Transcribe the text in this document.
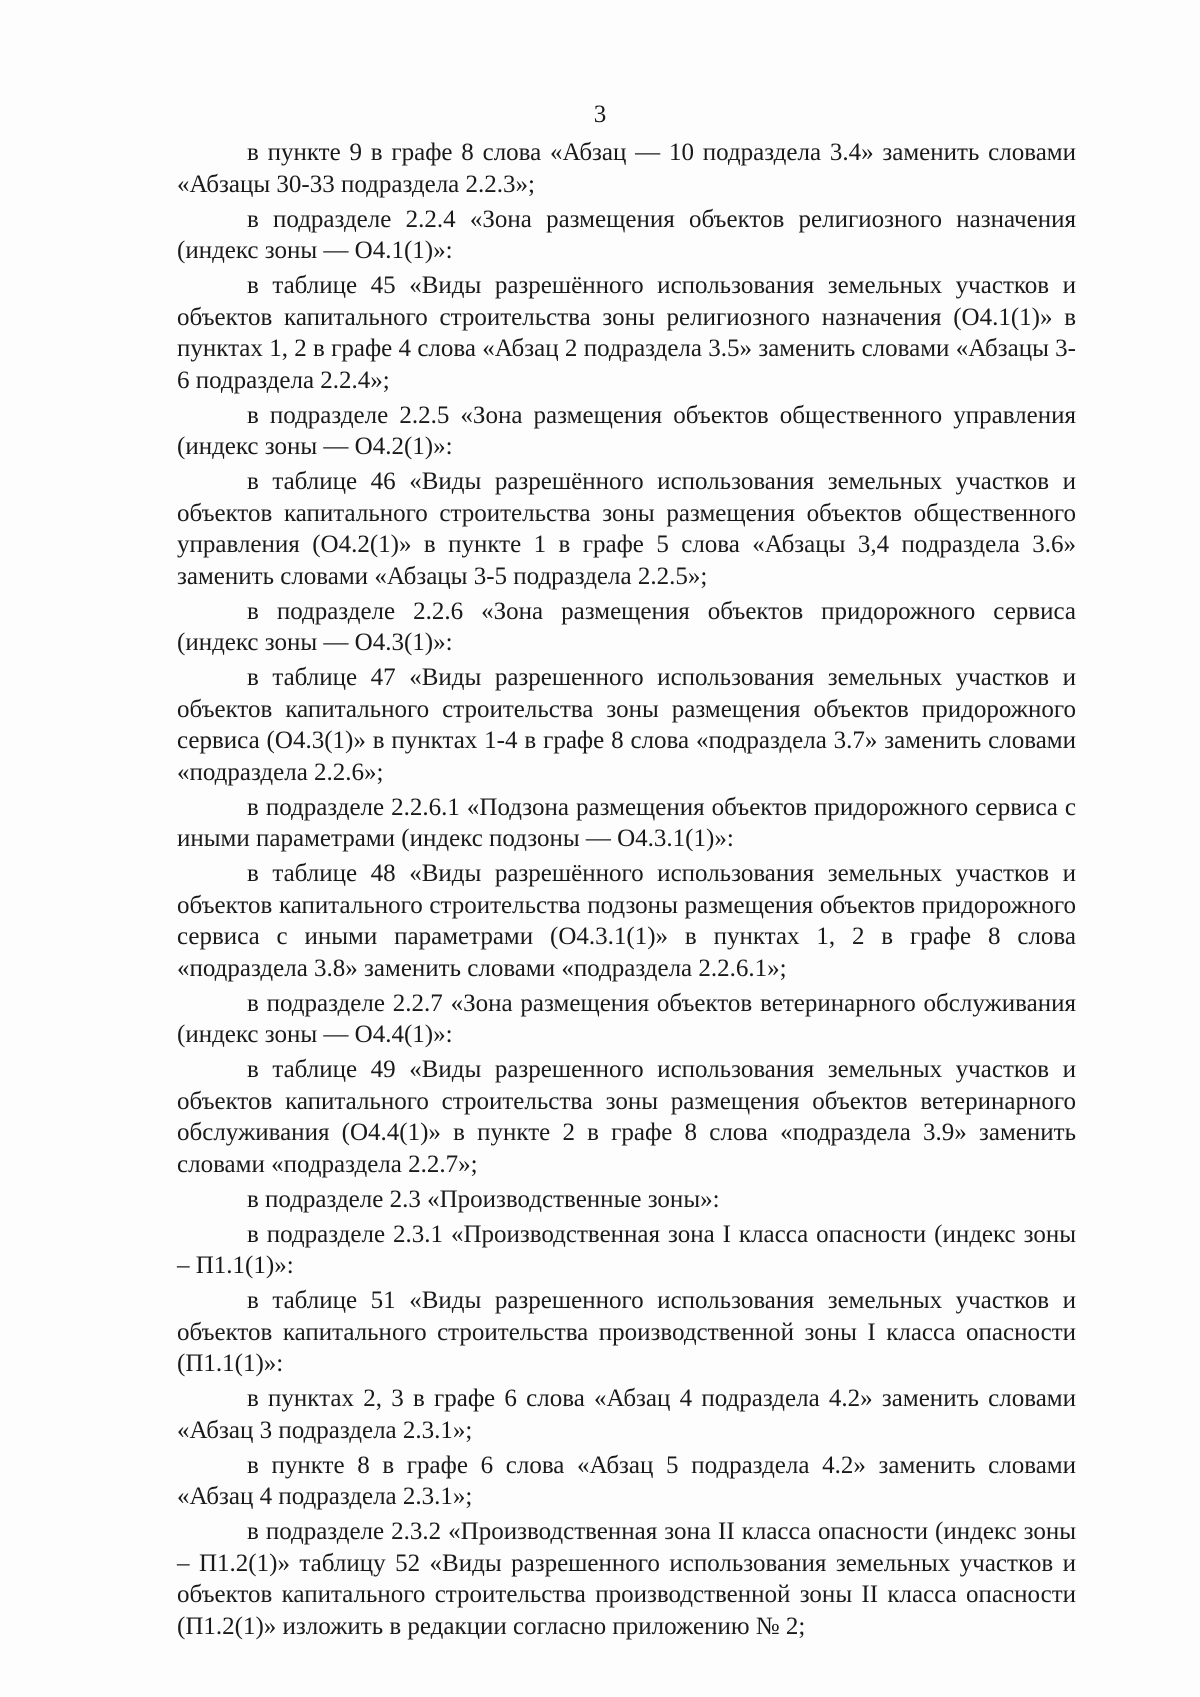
3

в пункте 9 в графе 8 слова «Абзац — 10 подраздела 3.4» заменить словами «Абзацы 30-33 подраздела 2.2.3»;

в подразделе 2.2.4 «Зона размещения объектов религиозного назначения (индекс зоны — О4.1(1)»:

в таблице 45 «Виды разрешённого использования земельных участков и объектов капитального строительства зоны религиозного назначения (О4.1(1)» в пунктах 1, 2 в графе 4 слова «Абзац 2 подраздела 3.5» заменить словами «Абзацы 3-6 подраздела 2.2.4»;

в подразделе 2.2.5 «Зона размещения объектов общественного управления (индекс зоны — О4.2(1)»:

в таблице 46 «Виды разрешённого использования земельных участков и объектов капитального строительства зоны размещения объектов общественного управления (О4.2(1)» в пункте 1 в графе 5 слова «Абзацы 3,4 подраздела 3.6» заменить словами «Абзацы 3-5 подраздела 2.2.5»;

в подразделе 2.2.6 «Зона размещения объектов придорожного сервиса (индекс зоны — О4.3(1)»:

в таблице 47 «Виды разрешенного использования земельных участков и объектов капитального строительства зоны размещения объектов придорожного сервиса (О4.3(1)» в пунктах 1-4 в графе 8 слова «подраздела 3.7» заменить словами «подраздела 2.2.6»;

в подразделе 2.2.6.1 «Подзона размещения объектов придорожного сервиса с иными параметрами (индекс подзоны — О4.3.1(1)»:

в таблице 48 «Виды разрешённого использования земельных участков и объектов капитального строительства подзоны размещения объектов придорожного сервиса с иными параметрами (О4.3.1(1)» в пунктах 1, 2 в графе 8 слова «подраздела 3.8» заменить словами «подраздела 2.2.6.1»;

в подразделе 2.2.7 «Зона размещения объектов ветеринарного обслуживания (индекс зоны — О4.4(1)»:

в таблице 49 «Виды разрешенного использования земельных участков и объектов капитального строительства зоны размещения объектов ветеринарного обслуживания (О4.4(1)» в пункте 2 в графе 8 слова «подраздела 3.9» заменить словами «подраздела 2.2.7»;

в подразделе 2.3 «Производственные зоны»:

в подразделе 2.3.1 «Производственная зона I класса опасности (индекс зоны – П1.1(1)»:

в таблице 51 «Виды разрешенного использования земельных участков и объектов капитального строительства производственной зоны I класса опасности (П1.1(1)»:

в пунктах 2, 3 в графе 6 слова «Абзац 4 подраздела 4.2» заменить словами «Абзац 3 подраздела 2.3.1»;

в пункте 8 в графе 6 слова «Абзац 5 подраздела 4.2» заменить словами «Абзац 4 подраздела 2.3.1»;

в подразделе 2.3.2 «Производственная зона II класса опасности (индекс зоны – П1.2(1)» таблицу 52 «Виды разрешенного использования земельных участков и объектов капитального строительства производственной зоны II класса опасности (П1.2(1)» изложить в редакции согласно приложению № 2;
